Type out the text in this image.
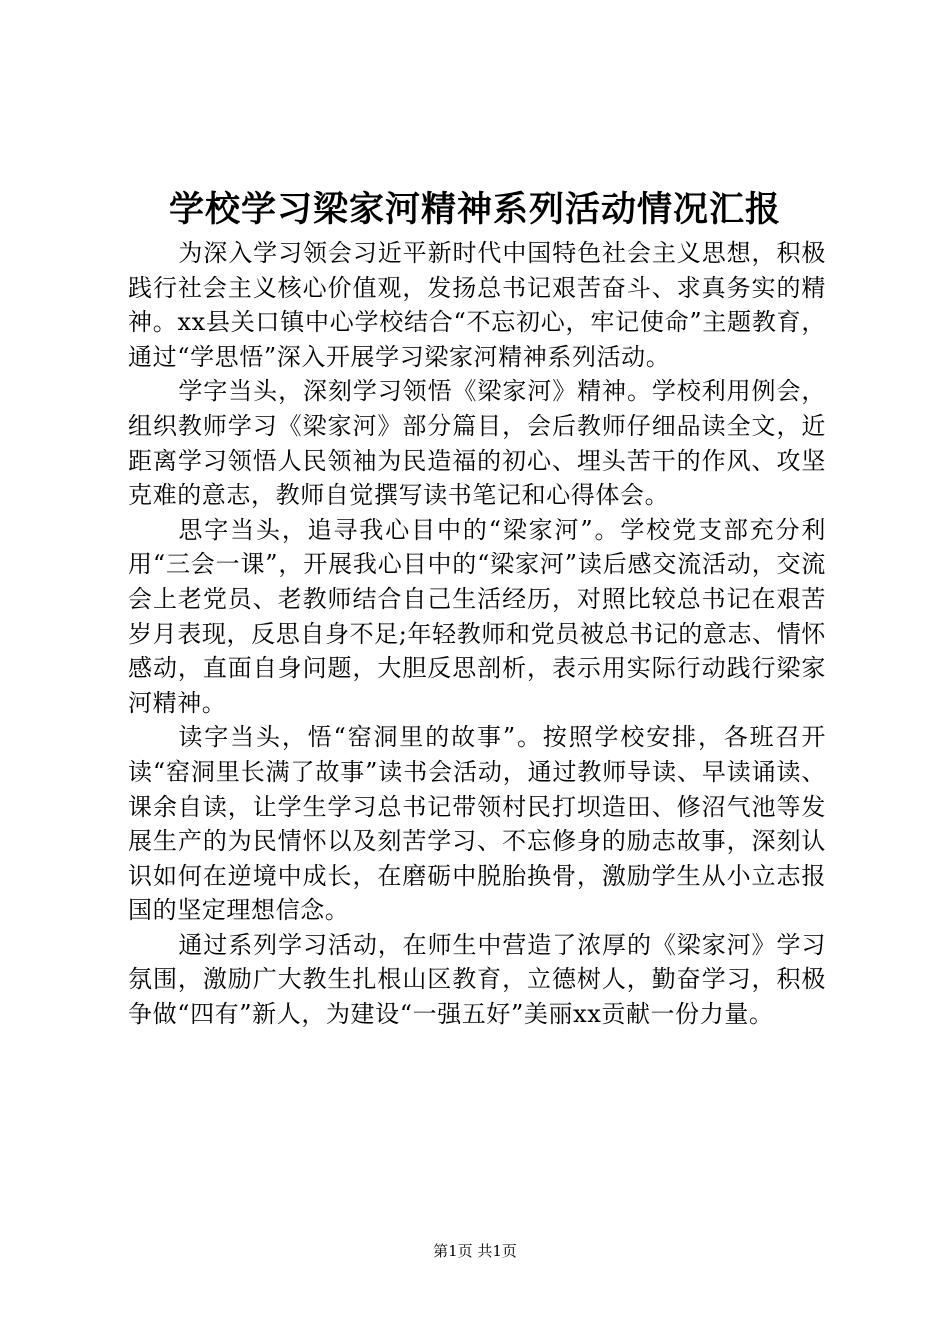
学校学习梁家河精神系列活动情况汇报

为深入学习领会习近平新时代中国特色社会主义思想，积极践行社会主义核心价值观，发扬总书记艰苦奋斗、求真务实的精神。xx县关口镇中心学校结合“不忘初心，牢记使命”主题教育，通过“学思悟”深入开展学习梁家河精神系列活动。

学字当头，深刻学习领悟《梁家河》精神。学校利用例会，组织教师学习《梁家河》部分篇目，会后教师仔细品读全文，近距离学习领悟人民领袖为民造福的初心、埋头苦干的作风、攻坚克难的意志，教师自觉撰写读书笔记和心得体会。

思字当头，追寻我心目中的“梁家河”。学校党支部充分利用“三会一课”，开展我心目中的“梁家河”读后感交流活动，交流会上老党员、老教师结合自己生活经历，对照比较总书记在艰苦岁月表现，反思自身不足;年轻教师和党员被总书记的意志、情怀感动，直面自身问题，大胆反思剖析，表示用实际行动践行梁家河精神。

读字当头，悟“窑洞里的故事”。按照学校安排，各班召开读“窑洞里长满了故事”读书会活动，通过教师导读、早读诵读、课余自读，让学生学习总书记带领村民打坝造田、修沼气池等发展生产的为民情怀以及刻苦学习、不忘修身的励志故事，深刻认识如何在逆境中成长，在磨砺中脱胎换骨，激励学生从小立志报国的坚定理想信念。

通过系列学习活动，在师生中营造了浓厚的《梁家河》学习氛围，激励广大教生扎根山区教育，立德树人，勤奋学习，积极争做“四有”新人，为建设“一强五好”美丽xx贡献一份力量。

第1页 共1页
